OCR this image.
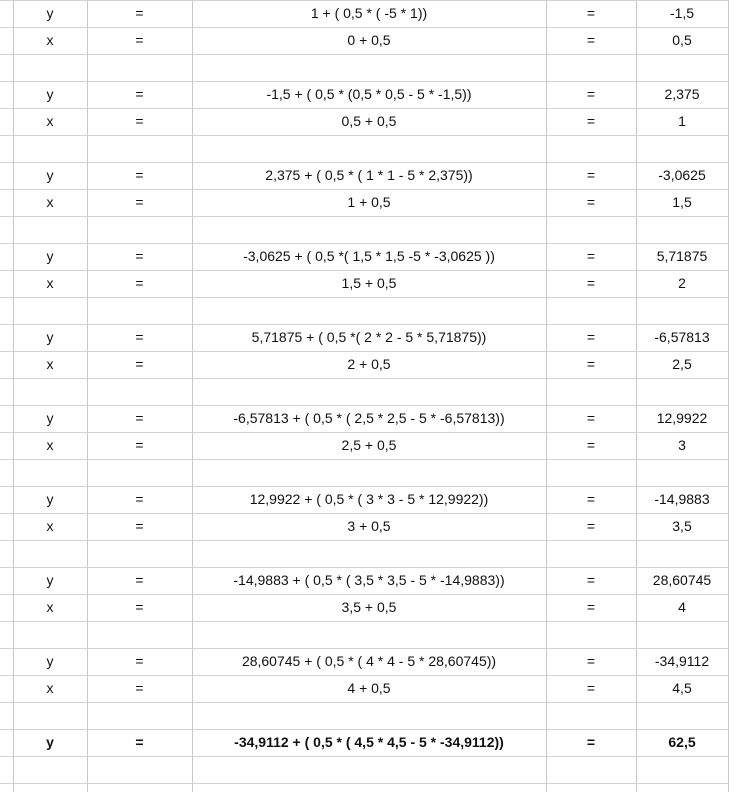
y	=	1 + ( 0,5 * ( -5 * 1))	=	-1,5
x	=	0 + 0,5	=	0,5
y	=	-1,5 + ( 0,5 * (0,5 * 0,5 - 5 * -1,5))	=	2,375
x	=	0,5 + 0,5	=	1
y	=	2,375 + ( 0,5 * ( 1 * 1 - 5 * 2,375))	=	-3,0625
x	=	1 + 0,5	=	1,5
y	=	-3,0625 + ( 0,5 *( 1,5 * 1,5 -5 * -3,0625 ))	=	5,71875
x	=	1,5 + 0,5	=	2
y	=	5,71875 + ( 0,5 *( 2 * 2 - 5 * 5,71875))	=	-6,57813
x	=	2 + 0,5	=	2,5
y	=	-6,57813 + ( 0,5 * ( 2,5 * 2,5 - 5 * -6,57813))	=	12,9922
x	=	2,5 + 0,5	=	3
y	=	12,9922 + ( 0,5 * ( 3 * 3 - 5 * 12,9922))	=	-14,9883
x	=	3 + 0,5	=	3,5
y	=	-14,9883 + ( 0,5 * ( 3,5 * 3,5 - 5 * -14,9883))	=	28,60745
x	=	3,5 + 0,5	=	4
y	=	28,60745 + ( 0,5 * ( 4 * 4 - 5 * 28,60745))	=	-34,9112
x	=	4 + 0,5	=	4,5
y	=	-34,9112 + ( 0,5 * ( 4,5 * 4,5 - 5 * -34,9112))	=	62,5
